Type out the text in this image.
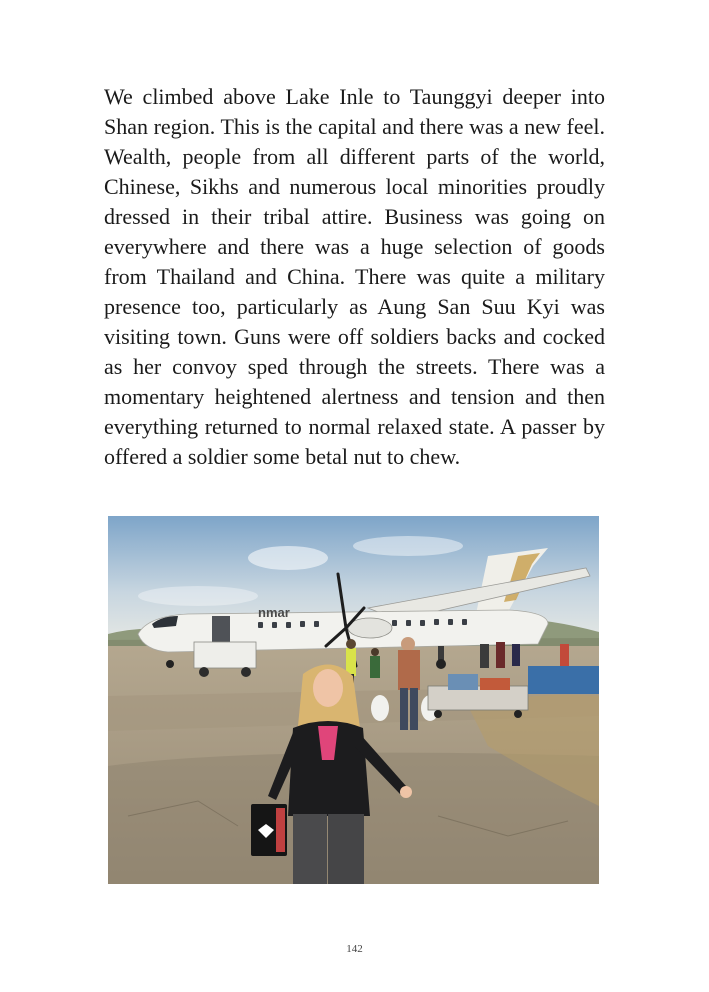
We climbed above Lake Inle to Taunggyi deeper into Shan region. This is the capital and there was a new feel. Wealth, people from all different parts of the world, Chinese, Sikhs and numerous local minorities proudly dressed in their tribal attire. Business was going on everywhere and there was a huge selection of goods from Thailand and China. There was quite a military presence too, particularly as Aung San Suu Kyi was visiting town. Guns were off soldiers backs and cocked as her convoy sped through the streets. There was a momentary heightened alertness and tension and then everything returned to normal relaxed state. A passer by offered a soldier some betal nut to chew.

nmar
142
